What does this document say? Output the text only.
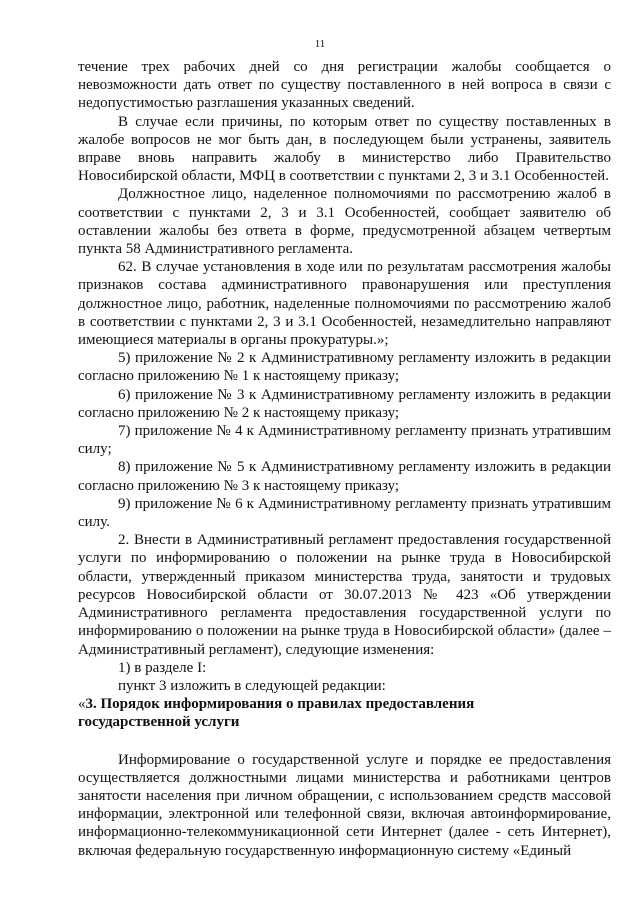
11

течение трех рабочих дней со дня регистрации жалобы сообщается о невозможности дать ответ по существу поставленного в ней вопроса в связи с недопустимостью разглашения указанных сведений.

В случае если причины, по которым ответ по существу поставленных в жалобе вопросов не мог быть дан, в последующем были устранены, заявитель вправе вновь направить жалобу в министерство либо Правительство Новосибирской области, МФЦ в соответствии с пунктами 2, 3 и 3.1 Особенностей.

Должностное лицо, наделенное полномочиями по рассмотрению жалоб в соответствии с пунктами 2, 3 и 3.1 Особенностей, сообщает заявителю об оставлении жалобы без ответа в форме, предусмотренной абзацем четвертым пункта 58 Административного регламента.

62. В случае установления в ходе или по результатам рассмотрения жалобы признаков состава административного правонарушения или преступления должностное лицо, работник, наделенные полномочиями по рассмотрению жалоб в соответствии с пунктами 2, 3 и 3.1 Особенностей, незамедлительно направляют имеющиеся материалы в органы прокуратуры.»;

5) приложение № 2 к Административному регламенту изложить в редакции согласно приложению № 1 к настоящему приказу;

6) приложение № 3 к Административному регламенту изложить в редакции согласно приложению № 2 к настоящему приказу;

7) приложение № 4 к Административному регламенту признать утратившим силу;

8) приложение № 5 к Административному регламенту изложить в редакции согласно приложению № 3 к настоящему приказу;

9) приложение № 6 к Административному регламенту признать утратившим силу.

2. Внести в Административный регламент предоставления государственной услуги по информированию о положении на рынке труда в Новосибирской области, утвержденный приказом министерства труда, занятости и трудовых ресурсов Новосибирской области от 30.07.2013 № 423 «Об утверждении Административного регламента предоставления государственной услуги по информированию о положении на рынке труда в Новосибирской области» (далее – Административный регламент), следующие изменения:

1) в разделе I:

пункт 3 изложить в следующей редакции:

«3. Порядок информирования о правилах предоставления

государственной услуги

Информирование о государственной услуге и порядке ее предоставления осуществляется должностными лицами министерства и работниками центров занятости населения при личном обращении, с использованием средств массовой информации, электронной или телефонной связи, включая автоинформирование, информационно-телекоммуникационной сети Интернет (далее - сеть Интернет), включая федеральную государственную информационную систему «Единый
